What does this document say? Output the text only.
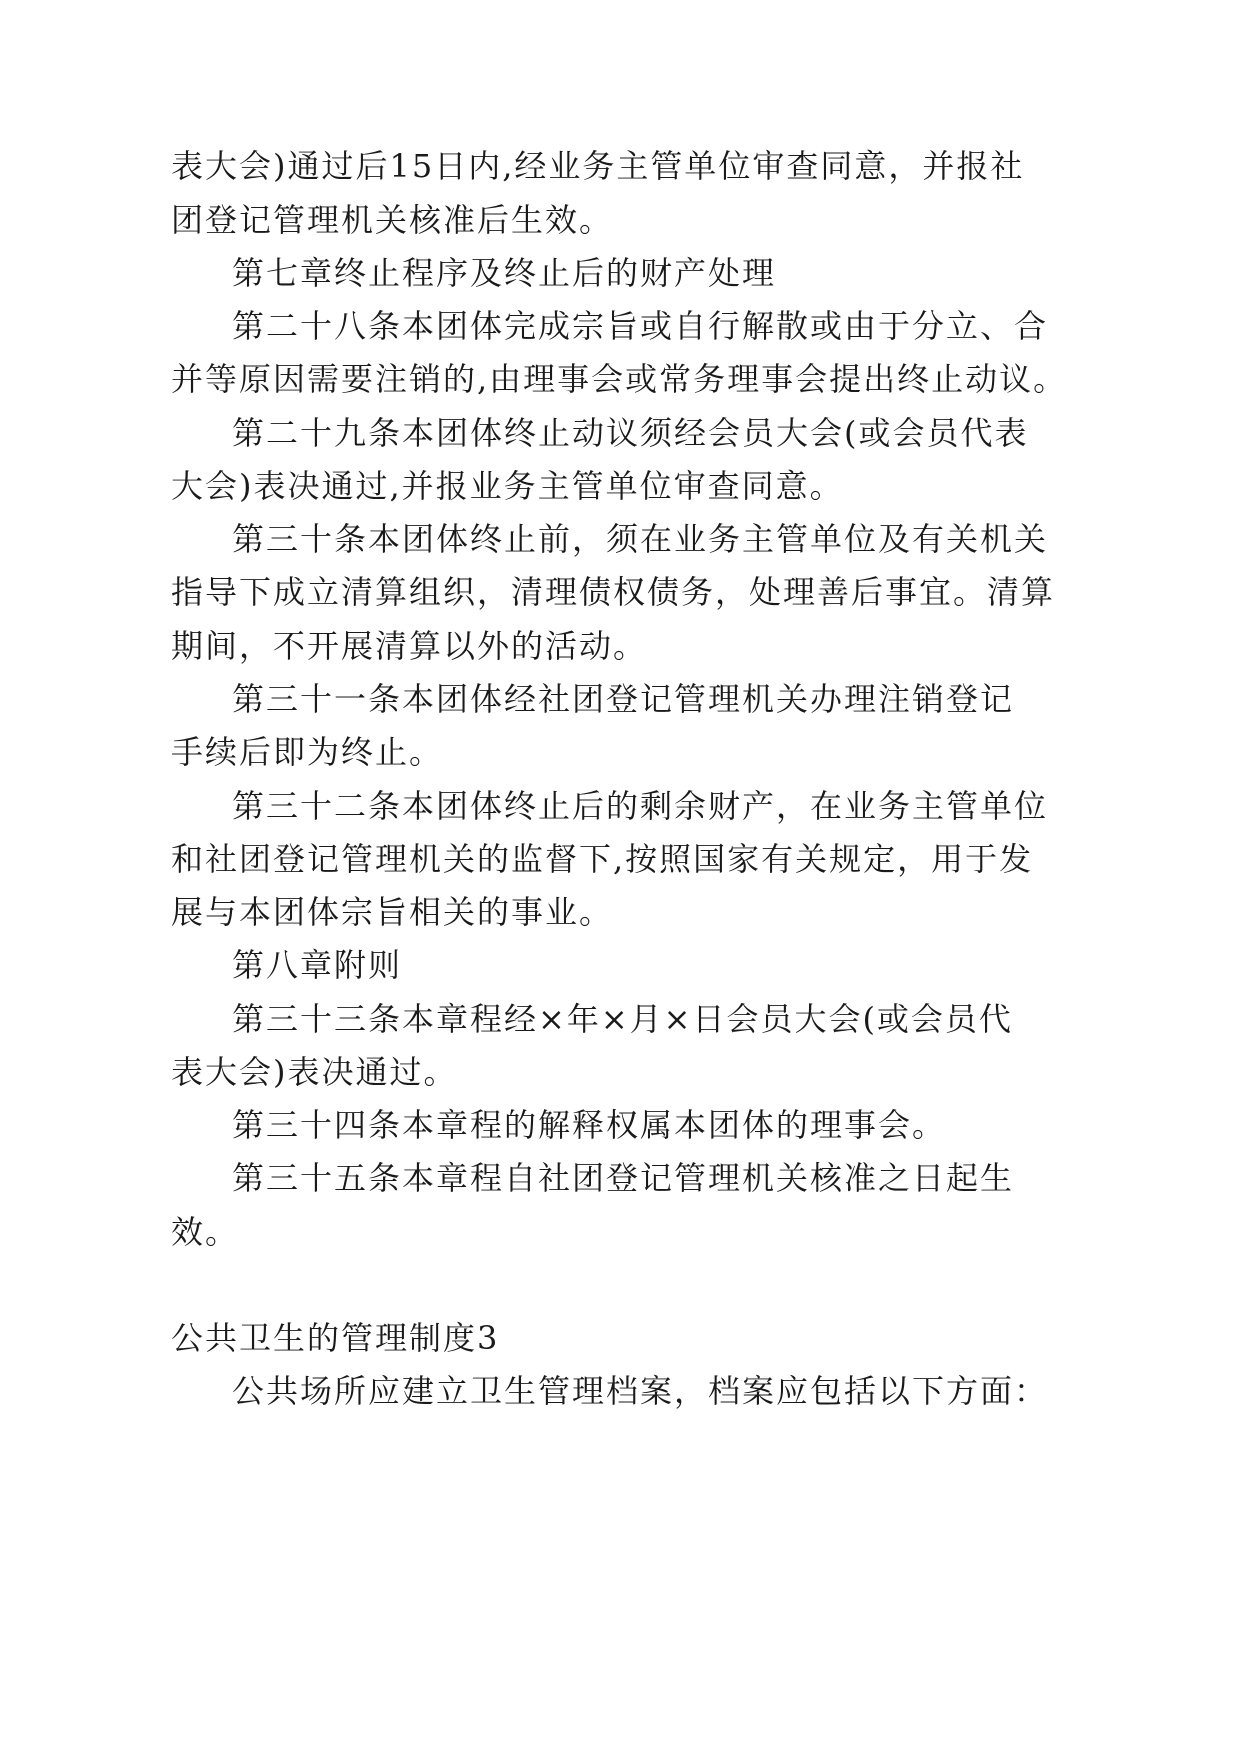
表大会)通过后15日内,经业务主管单位审查同意，并报社
团登记管理机关核准后生效。
第七章终止程序及终止后的财产处理
第二十八条本团体完成宗旨或自行解散或由于分立、合
并等原因需要注销的,由理事会或常务理事会提出终止动议。
第二十九条本团体终止动议须经会员大会(或会员代表
大会)表决通过,并报业务主管单位审查同意。
第三十条本团体终止前，须在业务主管单位及有关机关
指导下成立清算组织，清理债权债务，处理善后事宜。清算
期间，不开展清算以外的活动。
第三十一条本团体经社团登记管理机关办理注销登记
手续后即为终止。
第三十二条本团体终止后的剩余财产，在业务主管单位
和社团登记管理机关的监督下,按照国家有关规定，用于发
展与本团体宗旨相关的事业。
第八章附则
第三十三条本章程经×年×月×日会员大会(或会员代
表大会)表决通过。
第三十四条本章程的解释权属本团体的理事会。
第三十五条本章程自社团登记管理机关核准之日起生
效。
公共卫生的管理制度3
公共场所应建立卫生管理档案，档案应包括以下方面：
